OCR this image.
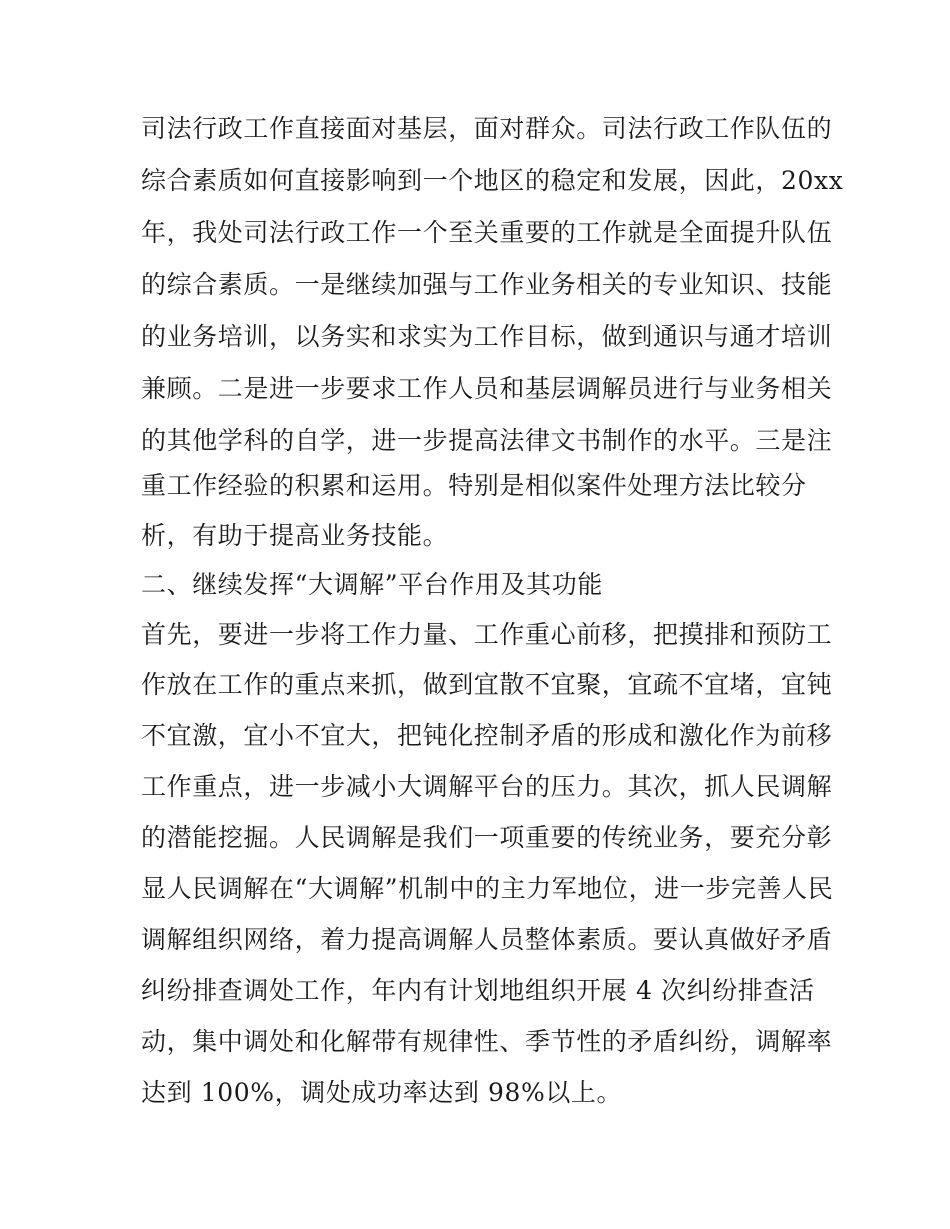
司法行政工作直接面对基层，面对群众。司法行政工作队伍的
综合素质如何直接影响到一个地区的稳定和发展，因此，20xx
年，我处司法行政工作一个至关重要的工作就是全面提升队伍
的综合素质。一是继续加强与工作业务相关的专业知识、技能
的业务培训，以务实和求实为工作目标，做到通识与通才培训
兼顾。二是进一步要求工作人员和基层调解员进行与业务相关
的其他学科的自学，进一步提高法律文书制作的水平。三是注
重工作经验的积累和运用。特别是相似案件处理方法比较分
析，有助于提高业务技能。
二、继续发挥“大调解”平台作用及其功能
首先，要进一步将工作力量、工作重心前移，把摸排和预防工
作放在工作的重点来抓，做到宜散不宜聚，宜疏不宜堵，宜钝
不宜激，宜小不宜大，把钝化控制矛盾的形成和激化作为前移
工作重点，进一步减小大调解平台的压力。其次，抓人民调解
的潜能挖掘。人民调解是我们一项重要的传统业务，要充分彰
显人民调解在“大调解”机制中的主力军地位，进一步完善人民
调解组织网络，着力提高调解人员整体素质。要认真做好矛盾
纠纷排查调处工作，年内有计划地组织开展 4 次纠纷排查活
动，集中调处和化解带有规律性、季节性的矛盾纠纷，调解率
达到 100%，调处成功率达到 98%以上。
